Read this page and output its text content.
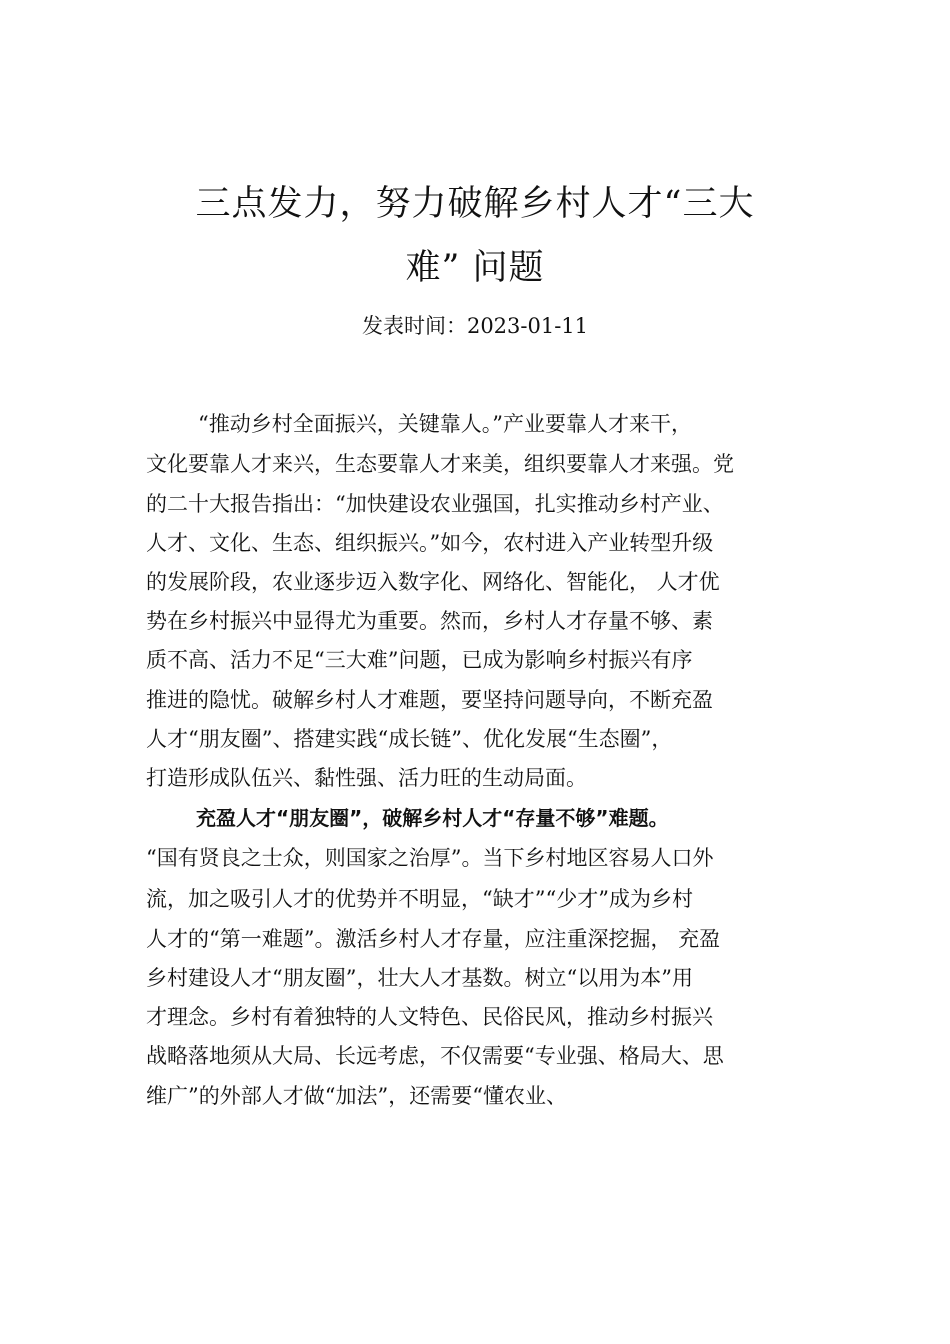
三点发力，努力破解乡村人才“三大
难” 问题
发表时间：2023-01-11
“推动乡村全面振兴，关键靠人。”产业要靠人才来干，
文化要靠人才来兴，生态要靠人才来美，组织要靠人才来强。党
的二十大报告指出：“加快建设农业强国，扎实推动乡村产业、
人才、文化、生态、组织振兴。”如今，农村进入产业转型升级
的发展阶段，农业逐步迈入数字化、网络化、智能化， 人才优
势在乡村振兴中显得尤为重要。然而，乡村人才存量不够、素
质不高、活力不足“三大难”问题，已成为影响乡村振兴有序
推进的隐忧。破解乡村人才难题，要坚持问题导向，不断充盈
人才“朋友圈”、搭建实践“成长链”、优化发展“生态圈”，
打造形成队伍兴、黏性强、活力旺的生动局面。
充盈人才“朋友圈”，破解乡村人才“存量不够”难题。
“国有贤良之士众，则国家之治厚”。当下乡村地区容易人口外
流，加之吸引人才的优势并不明显，“缺才”“少才”成为乡村
人才的“第一难题”。激活乡村人才存量，应注重深挖掘， 充盈
乡村建设人才“朋友圈”，壮大人才基数。树立“以用为本”用
才理念。乡村有着独特的人文特色、民俗民风，推动乡村振兴
战略落地须从大局、长远考虑，不仅需要“专业强、格局大、思
维广”的外部人才做“加法”，还需要“懂农业、
